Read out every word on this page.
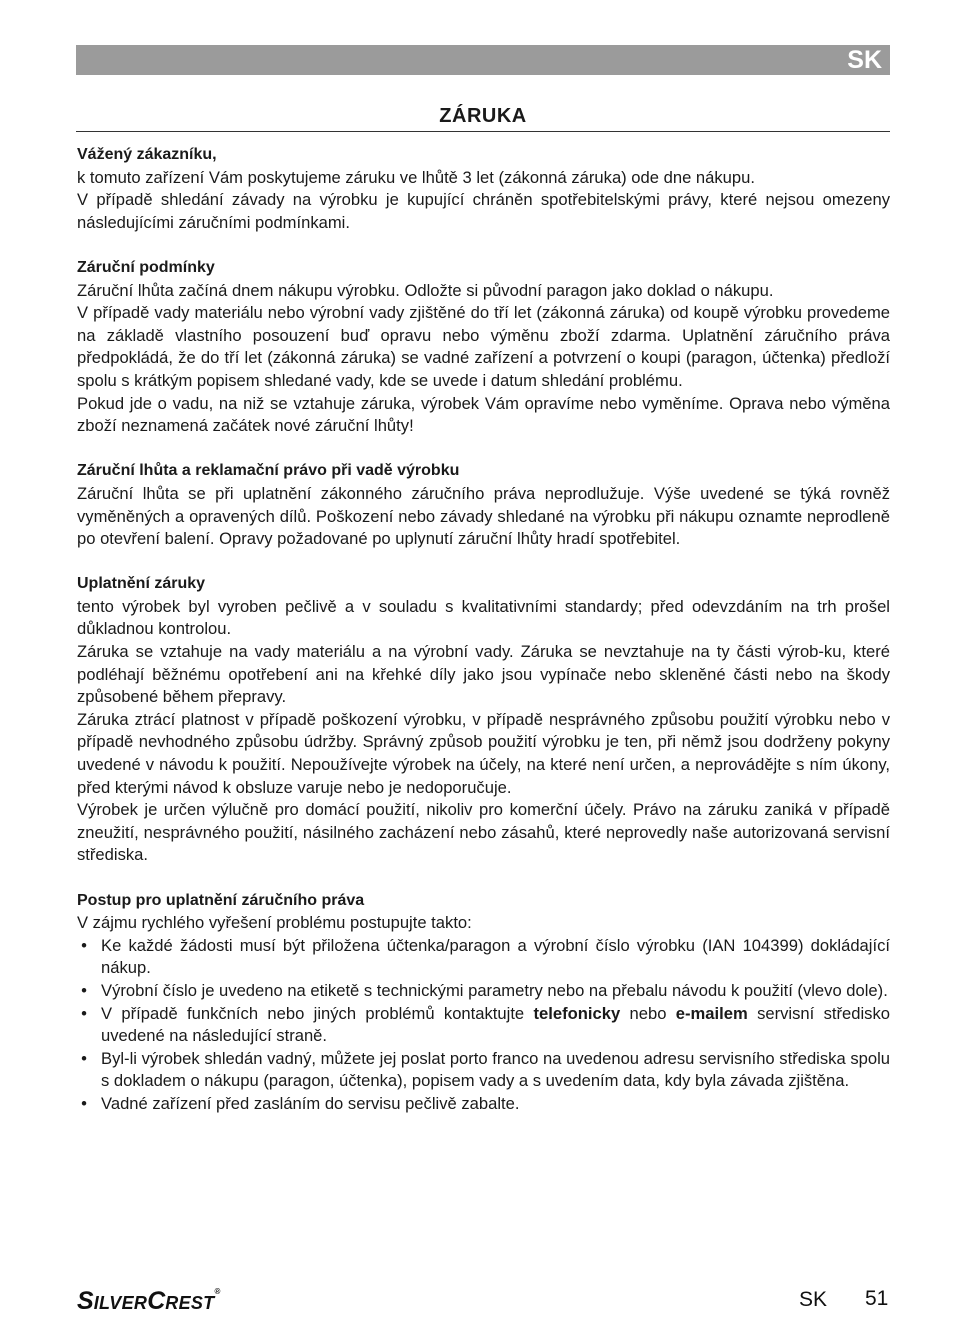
SK
ZÁRUKA

Vážený zákazníku,

k tomuto zařízení Vám poskytujeme záruku ve lhůtě 3 let (zákonná záruka) ode dne nákupu.

V případě shledání závady na výrobku je kupující chráněn spotřebitelskými právy, které nejsou omezeny následujícími záručními podmínkami.

Záruční podmínky

Záruční lhůta začíná dnem nákupu výrobku. Odložte si původní paragon jako doklad o nákupu.

V případě vady materiálu nebo výrobní vady zjištěné do tří let (zákonná záruka) od koupě výrobku provedeme na základě vlastního posouzení buď opravu nebo výměnu zboží zdarma. Uplatnění záručního práva předpokládá, že do tří let (zákonná záruka) se vadné zařízení a potvrzení o koupi (paragon, účtenka) předloží spolu s krátkým popisem shledané vady, kde se uvede i datum shledání problému.

Pokud jde o vadu, na niž se vztahuje záruka, výrobek Vám opravíme nebo vyměníme. Oprava nebo výměna zboží neznamená začátek nové záruční lhůty!

Záruční lhůta a reklamační právo při vadě výrobku

Záruční lhůta se při uplatnění zákonného záručního práva neprodlužuje. Výše uvedené se týká rovněž vyměněných a opravených dílů. Poškození nebo závady shledané na výrobku při nákupu oznamte neprodleně po otevření balení. Opravy požadované po uplynutí záruční lhůty hradí spotřebitel.

Uplatnění záruky

tento výrobek byl vyroben pečlivě a v souladu s kvalitativními standardy; před odevzdáním na trh prošel důkladnou kontrolou.

Záruka se vztahuje na vady materiálu a na výrobní vady. Záruka se nevztahuje na ty části výrob-ku, které podléhají běžnému opotřebení ani na křehké díly jako jsou vypínače nebo skleněné části nebo na škody způsobené během přepravy.

Záruka ztrácí platnost v případě poškození výrobku, v případě nesprávného způsobu použití výrobku nebo v případě nevhodného způsobu údržby. Správný způsob použití výrobku je ten, při němž jsou dodrženy pokyny uvedené v návodu k použití. Nepoužívejte výrobek na účely, na které není určen, a neprovádějte s ním úkony, před kterými návod k obsluze varuje nebo je nedoporučuje.

Výrobek je určen výlučně pro domácí použití, nikoliv pro komerční účely. Právo na záruku zaniká v případě zneužití, nesprávného použití, násilného zacházení nebo zásahů, které neprovedly naše autorizovaná servisní střediska.

Postup pro uplatnění záručního práva

V zájmu rychlého vyřešení problému postupujte takto:

• Ke každé žádosti musí být přiložena účtenka/paragon a výrobní číslo výrobku (IAN 104399) dokládající nákup.
• Výrobní číslo je uvedeno na etiketě s technickými parametry nebo na přebalu návodu k použití (vlevo dole).
• V případě funkčních nebo jiných problémů kontaktujte telefonicky nebo e-mailem servisní středisko uvedené na následující straně.
• Byl-li výrobek shledán vadný, můžete jej poslat porto franco na uvedenou adresu servisního střediska spolu s dokladem o nákupu (paragon, účtenka), popisem vady a s uvedením data, kdy byla závada zjištěna.
• Vadné zařízení před zasláním do servisu pečlivě zabalte.
SILVERCREST®	SK 51
